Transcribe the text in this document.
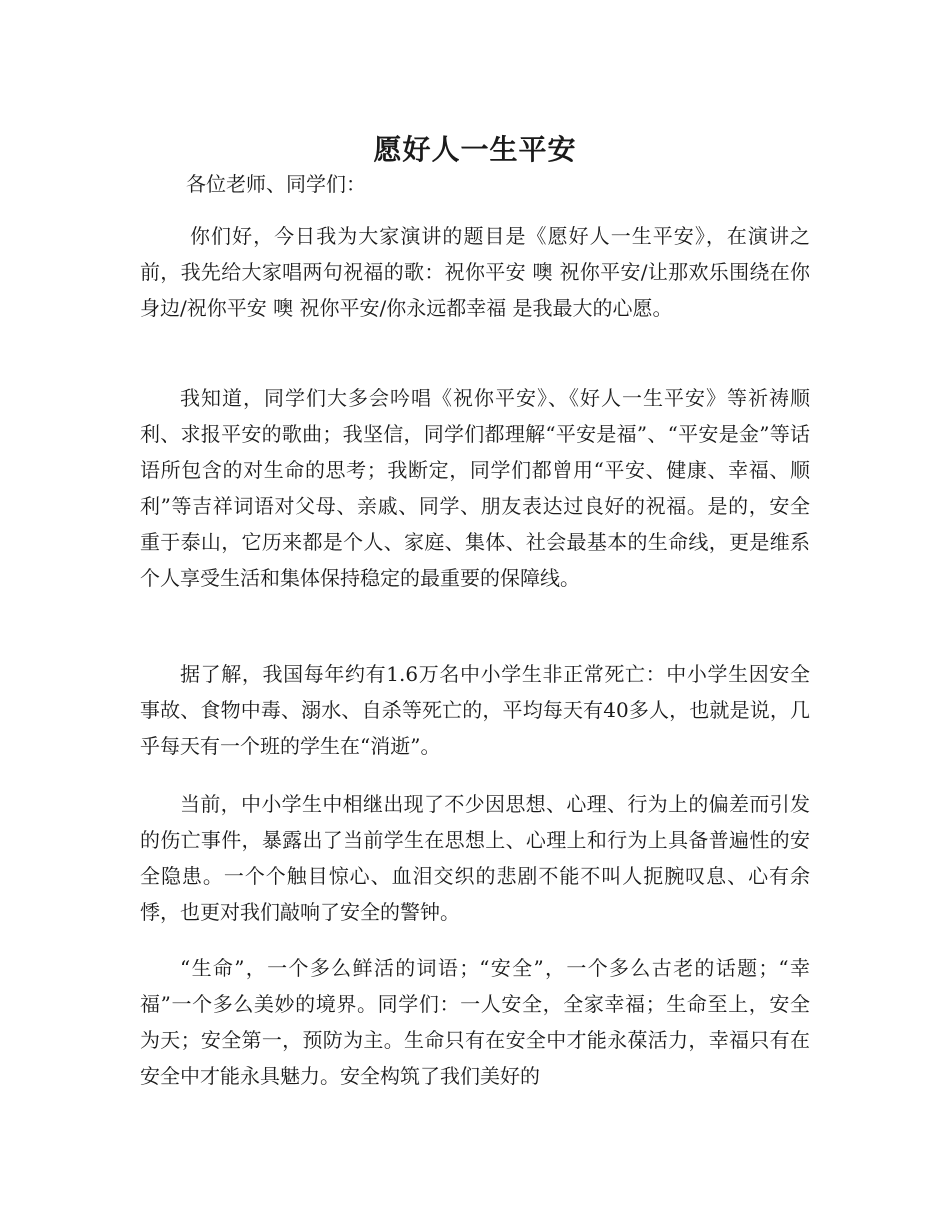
愿好人一生平安
各位老师、同学们：

你们好，今日我为大家演讲的题目是《愿好人一生平安》，在演讲之前，我先给大家唱两句祝福的歌：祝你平安 噢 祝你平安/让那欢乐围绕在你身边/祝你平安 噢 祝你平安/你永远都幸福 是我最大的心愿。

我知道，同学们大多会吟唱《祝你平安》、《好人一生平安》等祈祷顺利、求报平安的歌曲；我坚信，同学们都理解“平安是福”、“平安是金”等话语所包含的对生命的思考；我断定，同学们都曾用“平安、健康、幸福、顺利”等吉祥词语对父母、亲戚、同学、朋友表达过良好的祝福。是的，安全重于泰山，它历来都是个人、家庭、集体、社会最基本的生命线，更是维系个人享受生活和集体保持稳定的最重要的保障线。

据了解，我国每年约有1.6万名中小学生非正常死亡：中小学生因安全事故、食物中毒、溺水、自杀等死亡的，平均每天有40多人，也就是说，几乎每天有一个班的学生在“消逝”。

当前，中小学生中相继出现了不少因思想、心理、行为上的偏差而引发的伤亡事件，暴露出了当前学生在思想上、心理上和行为上具备普遍性的安全隐患。一个个触目惊心、血泪交织的悲剧不能不叫人扼腕叹息、心有余悸，也更对我们敲响了安全的警钟。

“生命”，一个多么鲜活的词语；“安全”，一个多么古老的话题；“幸福”一个多么美妙的境界。同学们：一人安全，全家幸福；生命至上，安全为天；安全第一，预防为主。生命只有在安全中才能永葆活力，幸福只有在安全中才能永具魅力。安全构筑了我们美好的
